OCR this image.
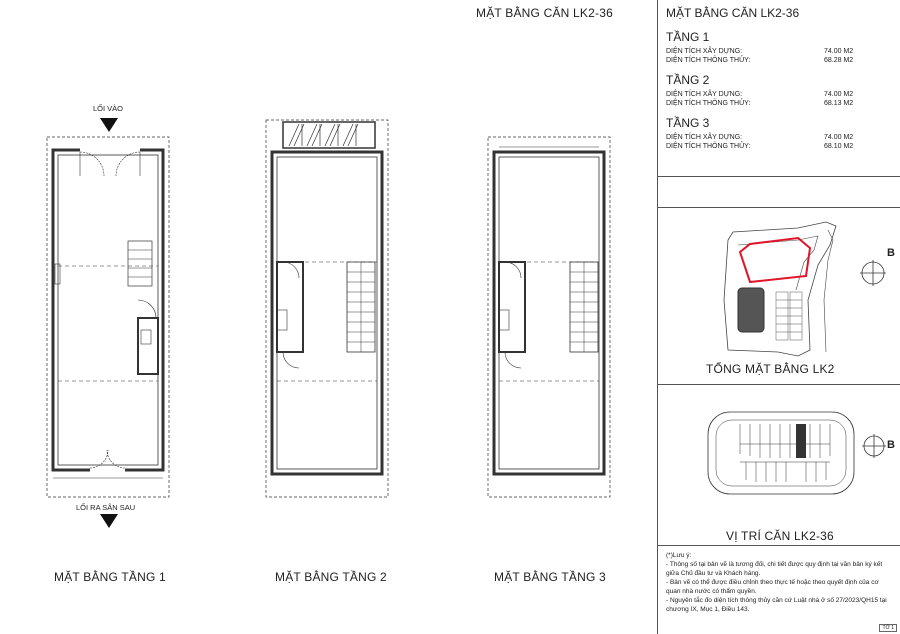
MẶT BẰNG CĂN LK2-36
LỐI VÀO
LỐI RA SÂN SAU
MẶT BẰNG TẦNG 1	MẶT BẰNG TẦNG 2	MẶT BẰNG TẦNG 3
MẶT BẰNG CĂN LK2-36
TẦNG 1
DIỆN TÍCH XÂY DỰNG:	74.00 M2
DIỆN TÍCH THÔNG THỦY:	68.28 M2
TẦNG 2
DIỆN TÍCH XÂY DỰNG:	74.00 M2
DIỆN TÍCH THÔNG THỦY:	68.13 M2
TẦNG 3
DIỆN TÍCH XÂY DỰNG:	74.00 M2
DIỆN TÍCH THÔNG THỦY:	68.10 M2
B
B
TỔNG MẶT BẰNG LK2
VỊ TRÍ CĂN LK2-36
(*)Lưu ý:
- Thông số tại bản vẽ là tương đối, chi tiết được quy định tại văn bản ký kết giữa Chủ đầu tư và Khách hàng.
- Bản vẽ có thể được điều chỉnh theo thực tế hoặc theo quyết định của cơ quan nhà nước có thẩm quyền.
- Nguyên tắc đo diện tích thông thủy căn cứ Luật nhà ở số 27/2023/QH15 tại chương IX, Mục 1, Điều 143.
TỜ 1
